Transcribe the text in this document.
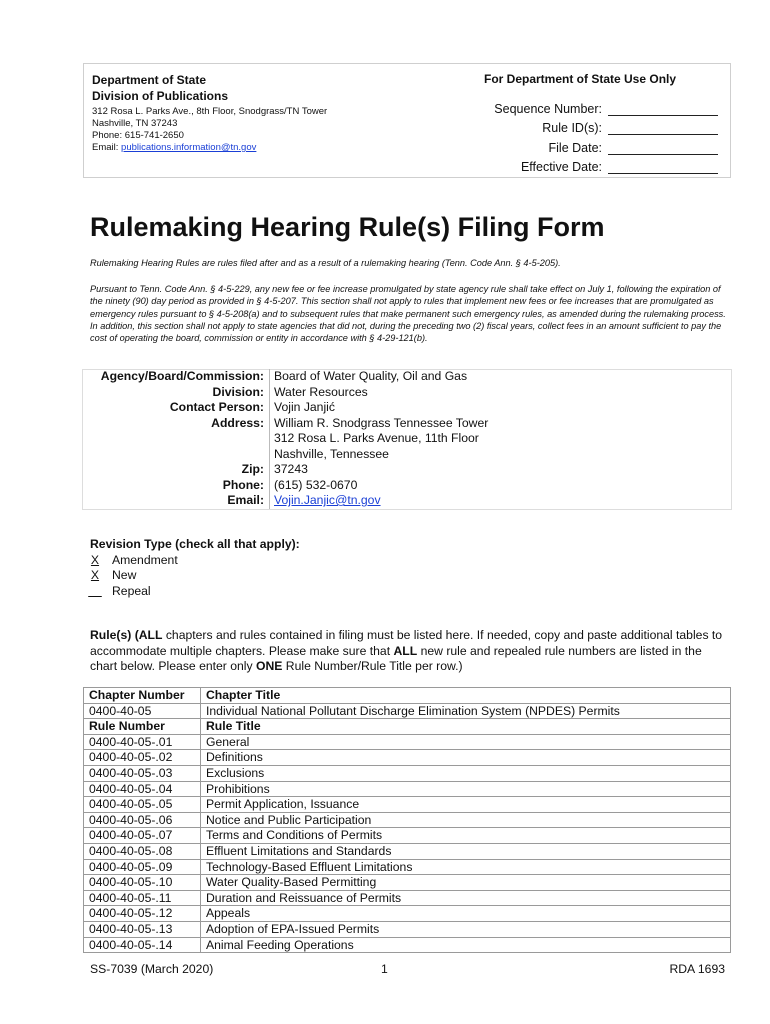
Department of State
Division of Publications
312 Rosa L. Parks Ave., 8th Floor, Snodgrass/TN Tower
Nashville, TN 37243
Phone: 615-741-2650
Email: publications.information@tn.gov
For Department of State Use Only
Sequence Number:
Rule ID(s):
File Date:
Effective Date:
Rulemaking Hearing Rule(s) Filing Form
Rulemaking Hearing Rules are rules filed after and as a result of a rulemaking hearing (Tenn. Code Ann. § 4-5-205).
Pursuant to Tenn. Code Ann. § 4-5-229, any new fee or fee increase promulgated by state agency rule shall take effect on July 1, following the expiration of the ninety (90) day period as provided in § 4-5-207. This section shall not apply to rules that implement new fees or fee increases that are promulgated as emergency rules pursuant to § 4-5-208(a) and to subsequent rules that make permanent such emergency rules, as amended during the rulemaking process. In addition, this section shall not apply to state agencies that did not, during the preceding two (2) fiscal years, collect fees in an amount sufficient to pay the cost of operating the board, commission or entity in accordance with § 4-29-121(b).
Agency/Board/Commission:	Board of Water Quality, Oil and Gas
Division:	Water Resources
Contact Person:	Vojin Janjić
Address:	William R. Snodgrass Tennessee Tower
312 Rosa L. Parks Avenue, 11th Floor
Nashville, Tennessee

Zip:	37243
Phone:	(615) 532-0670
Email:	Vojin.Janjic@tn.gov
Revision Type (check all that apply):
X	Amendment
X	New

Repeal
Rule(s) (ALL chapters and rules contained in filing must be listed here. If needed, copy and paste additional tables to accommodate multiple chapters. Please make sure that ALL new rule and repealed rule numbers are listed in the chart below. Please enter only ONE Rule Number/Rule Title per row.)
Chapter Number	Chapter Title
0400-40-05	Individual National Pollutant Discharge Elimination System (NPDES) Permits
Rule Number	Rule Title
0400-40-05-.01	General
0400-40-05-.02	Definitions
0400-40-05-.03	Exclusions
0400-40-05-.04	Prohibitions
0400-40-05-.05	Permit Application, Issuance
0400-40-05-.06	Notice and Public Participation
0400-40-05-.07	Terms and Conditions of Permits
0400-40-05-.08	Effluent Limitations and Standards
0400-40-05-.09	Technology-Based Effluent Limitations
0400-40-05-.10	Water Quality-Based Permitting
0400-40-05-.11	Duration and Reissuance of Permits
0400-40-05-.12	Appeals
0400-40-05-.13	Adoption of EPA-Issued Permits
0400-40-05-.14	Animal Feeding Operations
SS-7039 (March 2020)	1	RDA 1693
